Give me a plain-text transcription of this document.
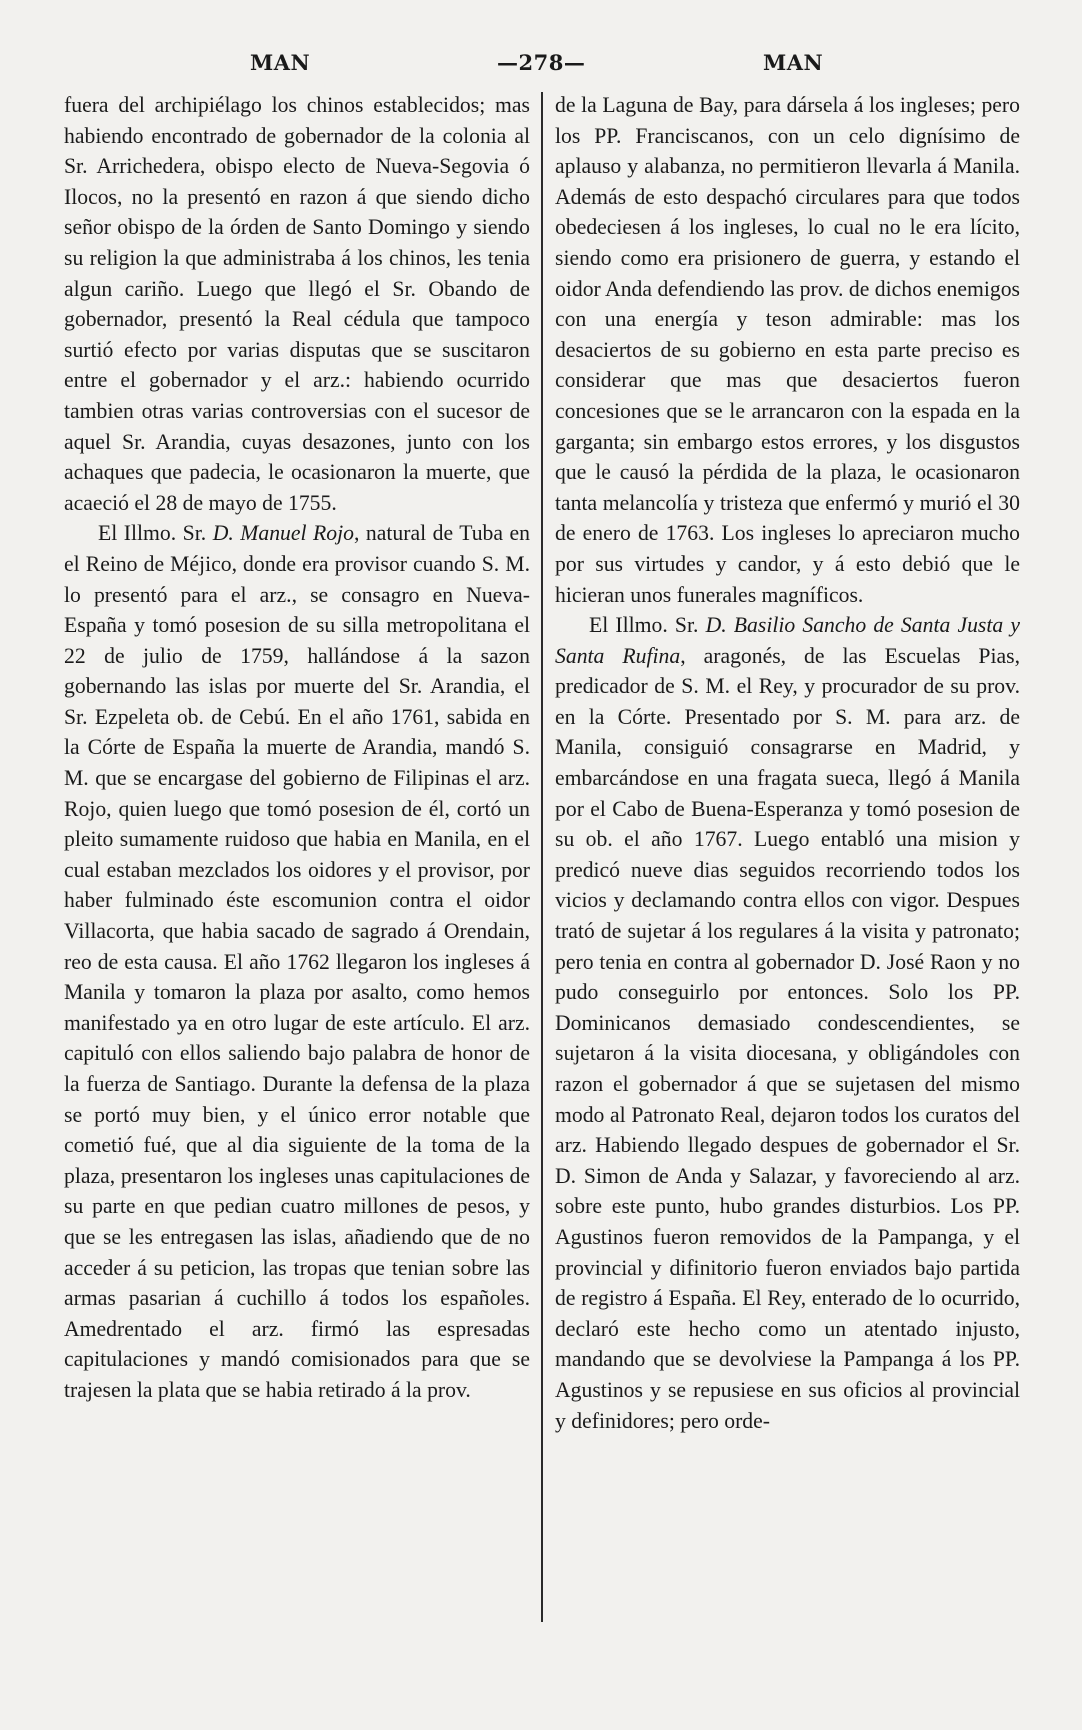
MAN	—278—	MAN

fuera del archipiélago los chinos establecidos; mas habiendo encontrado de gobernador de la colonia al Sr. Arrichedera, obispo electo de Nueva-Segovia ó Ilocos, no la presentó en razon á que siendo dicho señor obispo de la órden de Santo Domingo y siendo su religion la que administraba á los chinos, les tenia algun cariño. Luego que llegó el Sr. Obando de gobernador, presentó la Real cédula que tampoco surtió efecto por varias disputas que se suscitaron entre el gobernador y el arz.: habiendo ocurrido tambien otras varias controversias con el sucesor de aquel Sr. Arandia, cuyas desazones, junto con los achaques que padecia, le ocasionaron la muerte, que acaeció el 28 de mayo de 1755.

El Illmo. Sr. D. Manuel Rojo, natural de Tuba en el Reino de Méjico, donde era provisor cuando S. M. lo presentó para el arz., se consagro en Nueva-España y tomó posesion de su silla metropolitana el 22 de julio de 1759, hallándose á la sazon gobernando las islas por muerte del Sr. Arandia, el Sr. Ezpeleta ob. de Cebú. En el año 1761, sabida en la Córte de España la muerte de Arandia, mandó S. M. que se encargase del gobierno de Filipinas el arz. Rojo, quien luego que tomó posesion de él, cortó un pleito sumamente ruidoso que habia en Manila, en el cual estaban mezclados los oidores y el provisor, por haber fulminado éste escomunion contra el oidor Villacorta, que habia sacado de sagrado á Orendain, reo de esta causa. El año 1762 llegaron los ingleses á Manila y tomaron la plaza por asalto, como hemos manifestado ya en otro lugar de este artículo. El arz. capituló con ellos saliendo bajo palabra de honor de la fuerza de Santiago. Durante la defensa de la plaza se portó muy bien, y el único error notable que cometió fué, que al dia siguiente de la toma de la plaza, presentaron los ingleses unas capitulaciones de su parte en que pedian cuatro millones de pesos, y que se les entregasen las islas, añadiendo que de no acceder á su peticion, las tropas que tenian sobre las armas pasarian á cuchillo á todos los españoles. Amedrentado el arz. firmó las espresadas capitulaciones y mandó comisionados para que se trajesen la plata que se habia retirado á la prov.

de la Laguna de Bay, para dársela á los ingleses; pero los PP. Franciscanos, con un celo dignísimo de aplauso y alabanza, no permitieron llevarla á Manila. Además de esto despachó circulares para que todos obedeciesen á los ingleses, lo cual no le era lícito, siendo como era prisionero de guerra, y estando el oidor Anda defendiendo las prov. de dichos enemigos con una energía y teson admirable: mas los desaciertos de su gobierno en esta parte preciso es considerar que mas que desaciertos fueron concesiones que se le arrancaron con la espada en la garganta; sin embargo estos errores, y los disgustos que le causó la pérdida de la plaza, le ocasionaron tanta melancolía y tristeza que enfermó y murió el 30 de enero de 1763. Los ingleses lo apreciaron mucho por sus virtudes y candor, y á esto debió que le hicieran unos funerales magníficos.

El Illmo. Sr. D. Basilio Sancho de Santa Justa y Santa Rufina, aragonés, de las Escuelas Pias, predicador de S. M. el Rey, y procurador de su prov. en la Córte. Presentado por S. M. para arz. de Manila, consiguió consagrarse en Madrid, y embarcándose en una fragata sueca, llegó á Manila por el Cabo de Buena-Esperanza y tomó posesion de su ob. el año 1767. Luego entabló una mision y predicó nueve dias seguidos recorriendo todos los vicios y declamando contra ellos con vigor. Despues trató de sujetar á los regulares á la visita y patronato; pero tenia en contra al gobernador D. José Raon y no pudo conseguirlo por entonces. Solo los PP. Dominicanos demasiado condescendientes, se sujetaron á la visita diocesana, y obligándoles con razon el gobernador á que se sujetasen del mismo modo al Patronato Real, dejaron todos los curatos del arz. Habiendo llegado despues de gobernador el Sr. D. Simon de Anda y Salazar, y favoreciendo al arz. sobre este punto, hubo grandes disturbios. Los PP. Agustinos fueron removidos de la Pampanga, y el provincial y difinitorio fueron enviados bajo partida de registro á España. El Rey, enterado de lo ocurrido, declaró este hecho como un atentado injusto, mandando que se devolviese la Pampanga á los PP. Agustinos y se repusiese en sus oficios al provincial y definidores; pero orde-
